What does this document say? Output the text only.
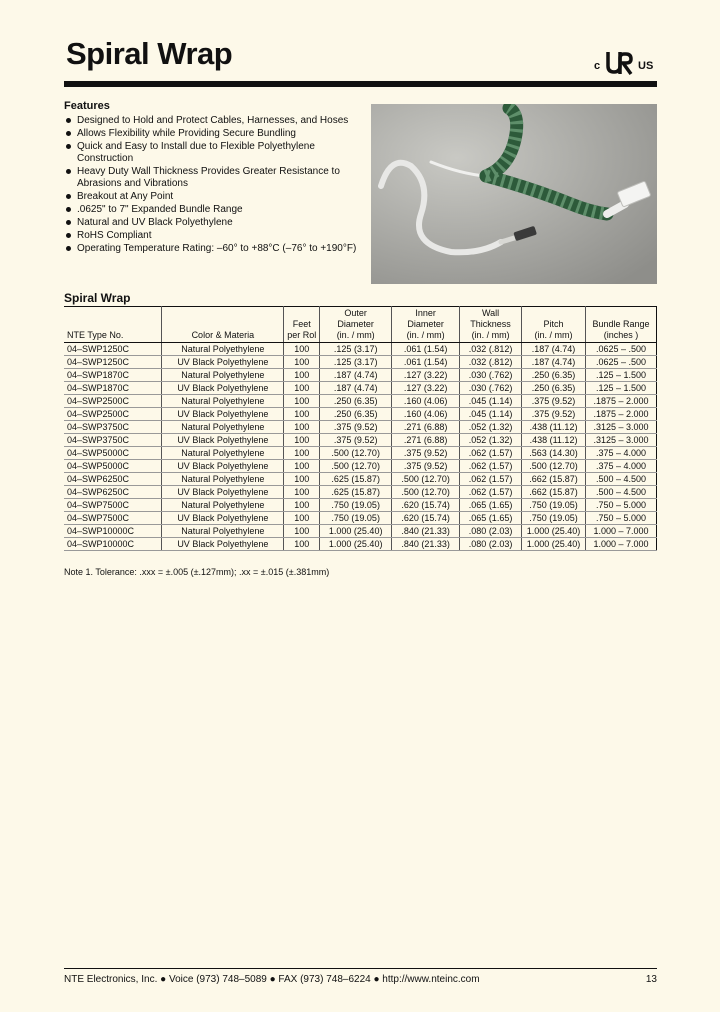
Spiral Wrap	c	US
Features
Designed to Hold and Protect Cables, Harnesses, and Hoses
Allows Flexibility while Providing Secure Bundling
Quick and Easy to Install due to Flexible Polyethylene Construction
Heavy Duty Wall Thickness Provides Greater Resistance to Abrasions and Vibrations
Breakout at Any Point
.0625" to 7" Expanded Bundle Range
Natural and UV Black Polyethylene
RoHS Compliant
Operating Temperature Rating: –60° to +88°C (–76° to +190°F)
Spiral Wrap
NTE Type No.	Color & Materia	Feet
per Rol	Outer
Diameter
(in. / mm)	Inner
Diameter
(in. / mm)	Wall
Thickness
(in. / mm)	Pitch
(in. / mm)	Bundle Range
(inches )
04–SWP1250C	Natural Polyethylene	100	.125 (3.17)	.061 (1.54)	.032 (.812)	.187 (4.74)	.0625 – .500
04–SWP1250C	UV Black Polyethylene	100	.125 (3.17)	.061 (1.54)	.032 (.812)	.187 (4.74)	.0625 – .500
04–SWP1870C	Natural Polyethylene	100	.187 (4.74)	.127 (3.22)	.030 (.762)	.250 (6.35)	.125 – 1.500
04–SWP1870C	UV Black Polyethylene	100	.187 (4.74)	.127 (3.22)	.030 (.762)	.250 (6.35)	.125 – 1.500
04–SWP2500C	Natural Polyethylene	100	.250 (6.35)	.160 (4.06)	.045 (1.14)	.375 (9.52)	.1875 – 2.000
04–SWP2500C	UV Black Polyethylene	100	.250 (6.35)	.160 (4.06)	.045 (1.14)	.375 (9.52)	.1875 – 2.000
04–SWP3750C	Natural Polyethylene	100	.375 (9.52)	.271 (6.88)	.052 (1.32)	.438 (11.12)	.3125 – 3.000
04–SWP3750C	UV Black Polyethylene	100	.375 (9.52)	.271 (6.88)	.052 (1.32)	.438 (11.12)	.3125 – 3.000
04–SWP5000C	Natural Polyethylene	100	.500 (12.70)	.375 (9.52)	.062 (1.57)	.563 (14.30)	.375 – 4.000
04–SWP5000C	UV Black Polyethylene	100	.500 (12.70)	.375 (9.52)	.062 (1.57)	.500 (12.70)	.375 – 4.000
04–SWP6250C	Natural Polyethylene	100	.625 (15.87)	.500 (12.70)	.062 (1.57)	.662 (15.87)	.500 – 4.500
04–SWP6250C	UV Black Polyethylene	100	.625 (15.87)	.500 (12.70)	.062 (1.57)	.662 (15.87)	.500 – 4.500
04–SWP7500C	Natural Polyethylene	100	.750 (19.05)	.620 (15.74)	.065 (1.65)	.750 (19.05)	.750 – 5.000
04–SWP7500C	UV Black Polyethylene	100	.750 (19.05)	.620 (15.74)	.065 (1.65)	.750 (19.05)	.750 – 5.000
04–SWP10000C	Natural Polyethylene	100	1.000 (25.40)	.840 (21.33)	.080 (2.03)	1.000 (25.40)	1.000 – 7.000
04–SWP10000C	UV Black Polyethylene	100	1.000 (25.40)	.840 (21.33)	.080 (2.03)	1.000 (25.40)	1.000 – 7.000
Note 1. Tolerance: .xxx = ±.005 (±.127mm); .xx = ±.015 (±.381mm)
NTE Electronics, Inc. ● Voice (973) 748–5089 ● FAX (973) 748–6224 ● http://www.nteinc.com	13
